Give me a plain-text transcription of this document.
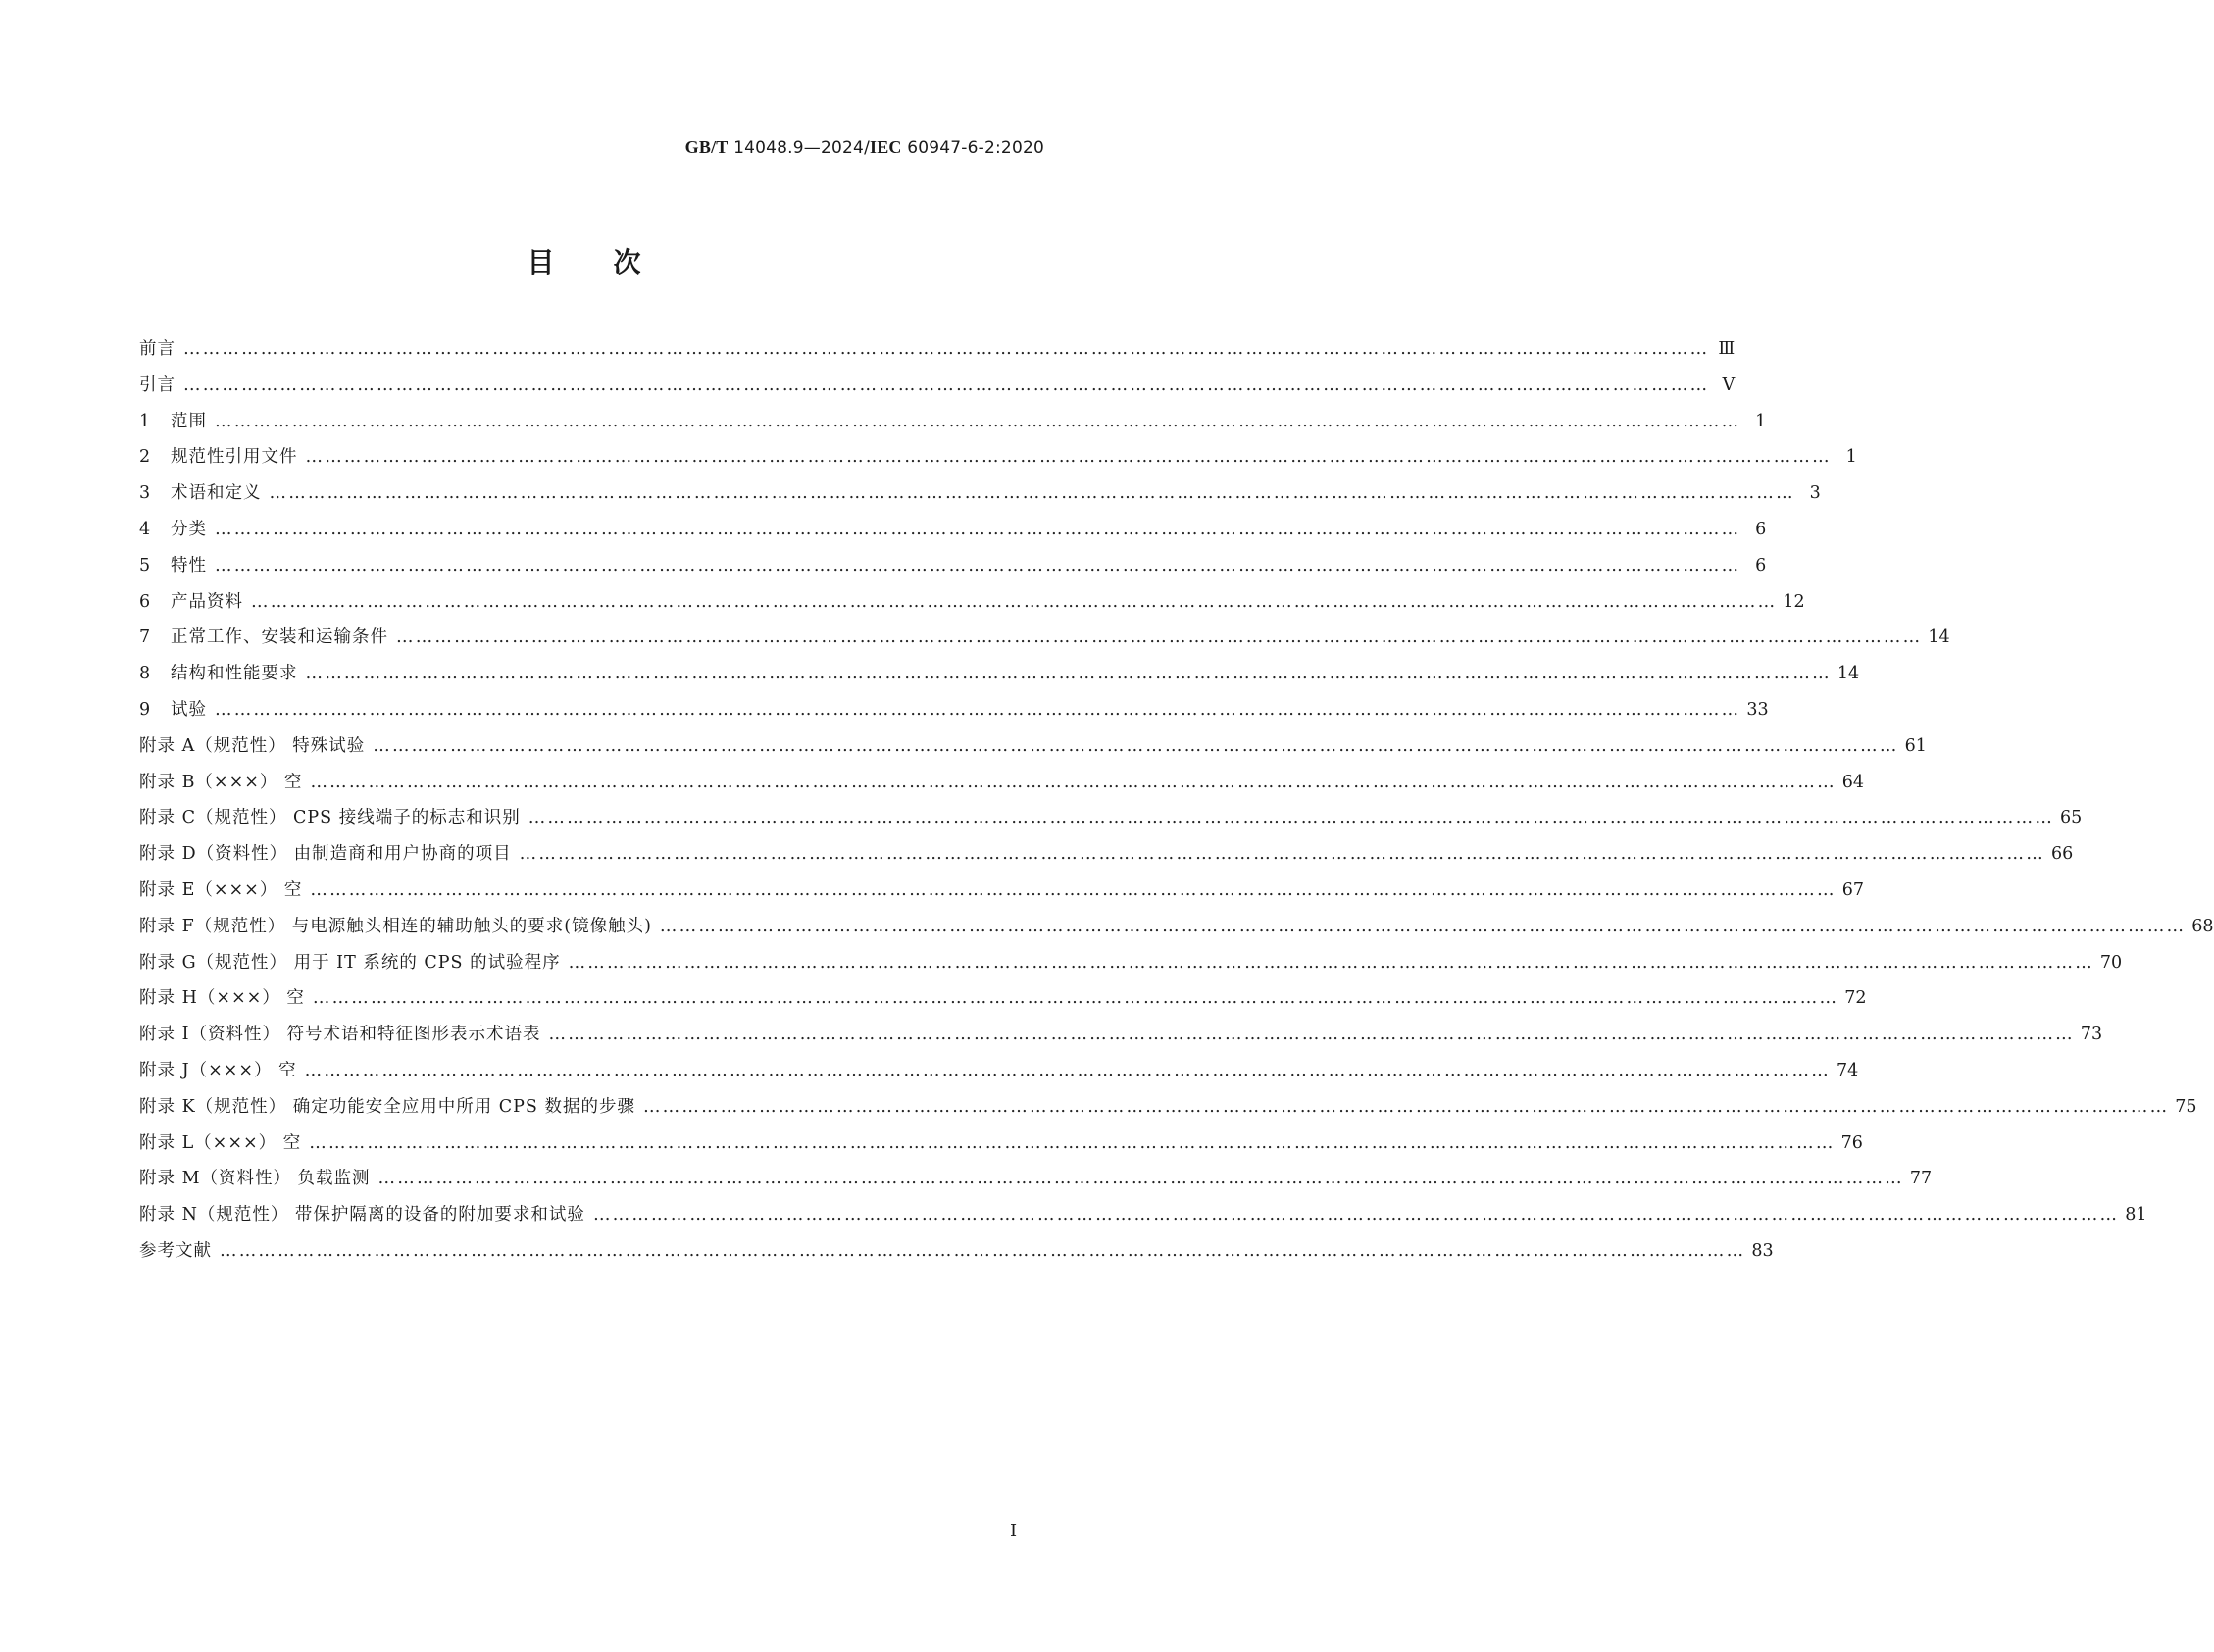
GB/T 14048.9—2024/IEC 60947-6-2:2020
目次
前言 ………………………………………………………………………………………………………………………………………………………………………………………………………………… Ⅲ
引言 ………………………………………………………………………………………………………………………………………………………………………………………………………………… Ⅴ
1	范围 ………………………………………………………………………………………………………………………………………………………………………………………………………………… 1
2	规范性引用文件 ………………………………………………………………………………………………………………………………………………………………………………………………………………… 1
3	术语和定义 ………………………………………………………………………………………………………………………………………………………………………………………………………………… 3
4	分类 ………………………………………………………………………………………………………………………………………………………………………………………………………………… 6
5	特性 ………………………………………………………………………………………………………………………………………………………………………………………………………………… 6
6	产品资料 ………………………………………………………………………………………………………………………………………………………………………………………………………………… 12
7	正常工作、安装和运输条件 ………………………………………………………………………………………………………………………………………………………………………………………………………………… 14
8	结构和性能要求 ………………………………………………………………………………………………………………………………………………………………………………………………………………… 14
9	试验 ………………………………………………………………………………………………………………………………………………………………………………………………………………… 33
附录 A（规范性） 特殊试验 ………………………………………………………………………………………………………………………………………………………………………………………………………………… 61
附录 B（×××） 空 ………………………………………………………………………………………………………………………………………………………………………………………………………………… 64
附录 C（规范性） CPS 接线端子的标志和识别 ………………………………………………………………………………………………………………………………………………………………………………………………………………… 65
附录 D（资料性） 由制造商和用户协商的项目 ………………………………………………………………………………………………………………………………………………………………………………………………………………… 66
附录 E（×××） 空 ………………………………………………………………………………………………………………………………………………………………………………………………………………… 67
附录 F（规范性） 与电源触头相连的辅助触头的要求(镜像触头) ………………………………………………………………………………………………………………………………………………………………………………………………………………… 68
附录 G（规范性） 用于 IT 系统的 CPS 的试验程序 ………………………………………………………………………………………………………………………………………………………………………………………………………………… 70
附录 H（×××） 空 ………………………………………………………………………………………………………………………………………………………………………………………………………………… 72
附录 I（资料性） 符号术语和特征图形表示术语表 ………………………………………………………………………………………………………………………………………………………………………………………………………………… 73
附录 J（×××） 空 ………………………………………………………………………………………………………………………………………………………………………………………………………………… 74
附录 K（规范性） 确定功能安全应用中所用 CPS 数据的步骤 ………………………………………………………………………………………………………………………………………………………………………………………………………………… 75
附录 L（×××） 空 ………………………………………………………………………………………………………………………………………………………………………………………………………………… 76
附录 M（资料性） 负载监测 ………………………………………………………………………………………………………………………………………………………………………………………………………………… 77
附录 N（规范性） 带保护隔离的设备的附加要求和试验 ………………………………………………………………………………………………………………………………………………………………………………………………………………… 81
参考文献 ………………………………………………………………………………………………………………………………………………………………………………………………………………… 83
Ⅰ
